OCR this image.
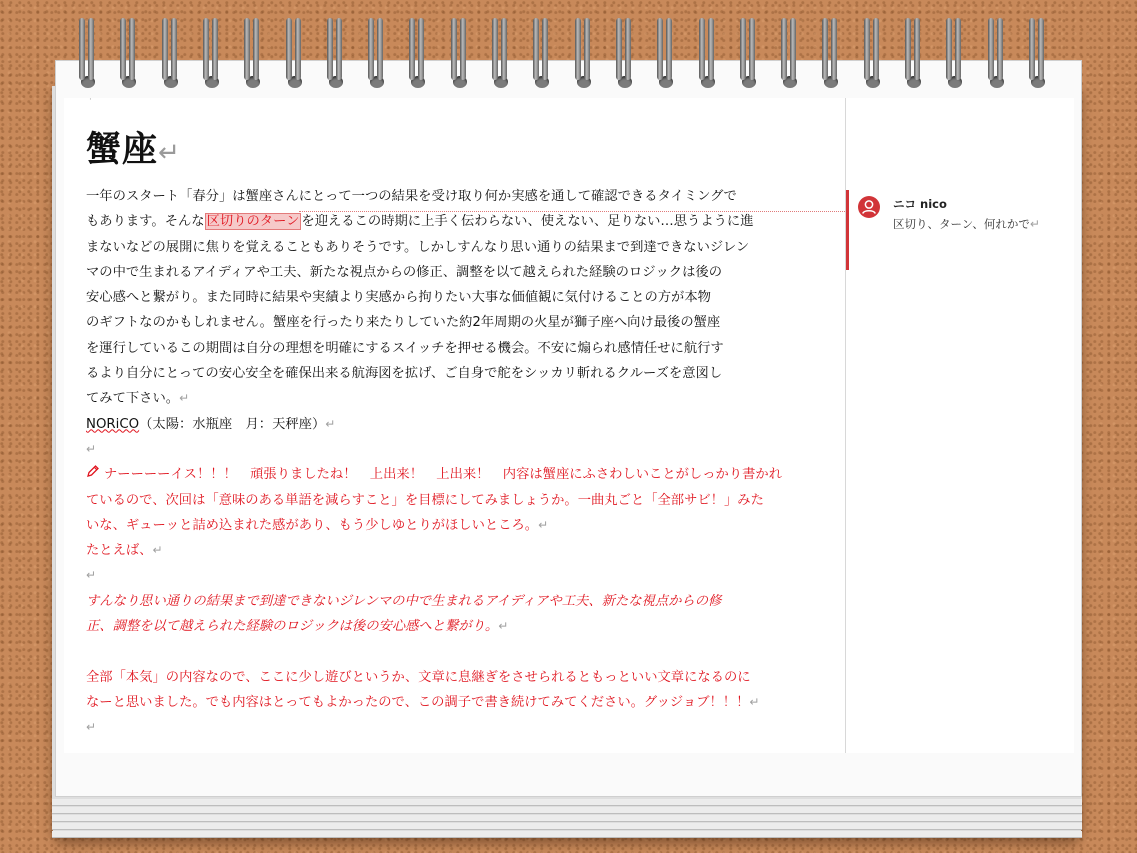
·
蟹座↵
一年のスタート「春分」は蟹座さんにとって一つの結果を受け取り何か実感を通して確認できるタイミングで
もあります。そんな 区切りのターン を迎えるこの時期に上手く伝わらない、使えない、足りない…思うように進
まないなどの展開に焦りを覚えることもありそうです。しかしすんなり思い通りの結果まで到達できないジレン
マの中で生まれるアイディアや工夫、新たな視点からの修正、調整を以て越えられた経験のロジックは後の
安心感へと繋がり。また同時に結果や実績より実感から拘りたい大事な価値観に気付けることの方が本物
のギフトなのかもしれません。蟹座を行ったり来たりしていた約2年周期の火星が獅子座へ向け最後の蟹座
を運行しているこの期間は自分の理想を明確にするスイッチを押せる機会。不安に煽られ感情任せに航行す
るより自分にとっての安心安全を確保出来る航海図を拡げ、ご自身で舵をシッカリ斬れるクルーズを意図し
てみて下さい。↵
NORiCO（太陽：水瓶座　月：天秤座）↵
↵
ナーーーーイス！！！　頑張りましたね！　上出来！　上出来！　内容は蟹座にふさわしいことがしっかり書かれ
ているので、次回は「意味のある単語を減らすこと」を目標にしてみましょうか。一曲丸ごと「全部サビ！」みた
いな、ギューッと詰め込まれた感があり、もう少しゆとりがほしいところ。↵
たとえば、↵
↵
すんなり思い通りの結果まで到達できないジレンマの中で生まれるアイディアや工夫、新たな視点からの修
正、調整を以て越えられた経験のロジックは後の安心感へと繋がり。↵
全部「本気」の内容なので、ここに少し遊びというか、文章に息継ぎをさせられるともっといい文章になるのに
なーと思いました。でも内容はとってもよかったので、この調子で書き続けてみてください。グッジョブ！！！↵
↵
ニコ nico
区切り、ターン、何れかで↵
